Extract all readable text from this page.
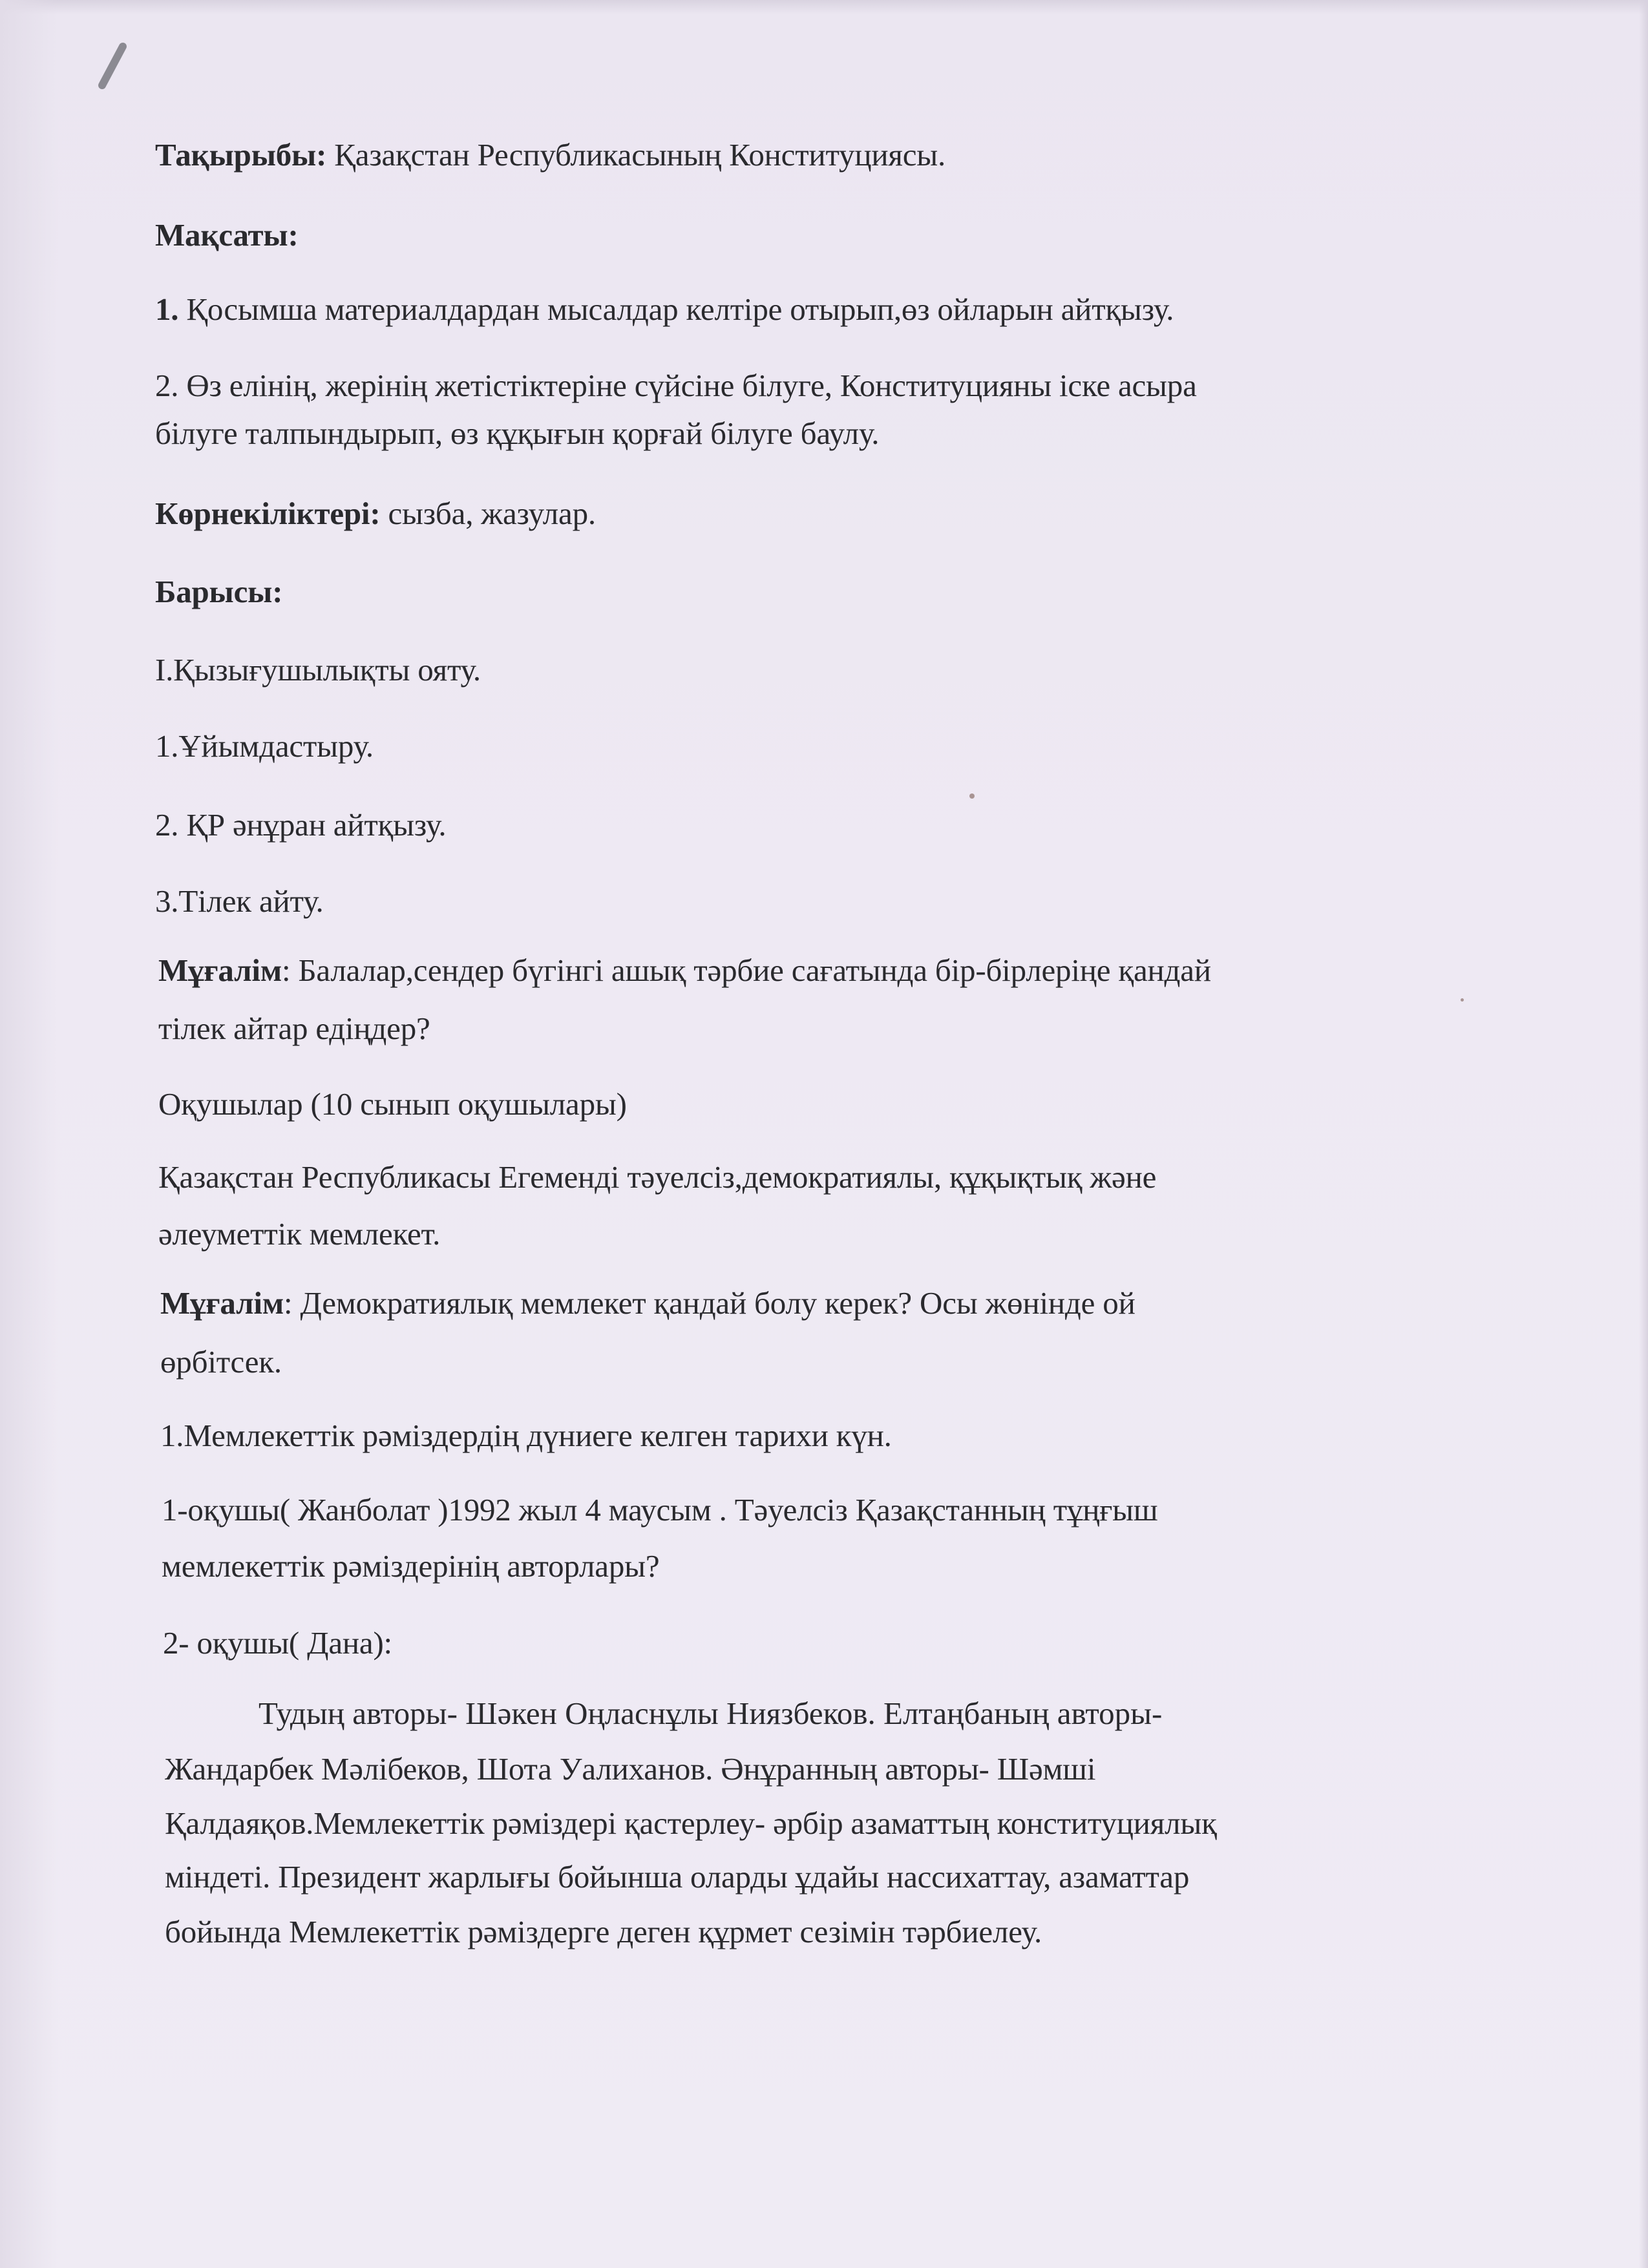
Тақырыбы: Қазақстан Республикасының Конституциясы.
Мақсаты:
1. Қосымша материалдардан мысалдар келтіре отырып,өз ойларын айтқызу.
2. Өз елінің, жерінің жетістіктеріне сүйсіне білуге, Конституцияны іске асыра
білуге талпындырып, өз құқығын қорғай білуге баулу.
Көрнекіліктері: сызба, жазулар.
Барысы:
І.Қызығушылықты ояту.
1.Ұйымдастыру.
2. ҚР әнұран айтқызу.
3.Тілек айту.
Мұғалім: Балалар,сендер бүгінгі ашық тәрбие сағатында бір-бірлеріңе қандай
тілек айтар едіңдер?
Оқушылар (10 сынып оқушылары)
Қазақстан Республикасы Егеменді тәуелсіз,демократиялы, құқықтық және
әлеуметтік мемлекет.
Мұғалім: Демократиялық мемлекет қандай болу керек? Осы жөнінде ой
өрбітсек.
1.Мемлекеттік рәміздердің дүниеге келген тарихи күн.
1-оқушы( Жанболат )1992 жыл 4 маусым . Тәуелсіз Қазақстанның тұңғыш
мемлекеттік рәміздерінің авторлары?
2- оқушы( Дана):
Тудың авторы- Шәкен Оңласнұлы Ниязбеков. Елтаңбаның авторы-
Жандарбек Мәлібеков, Шота Уалиханов. Әнұранның авторы- Шәмші
Қалдаяқов.Мемлекеттік рәміздері қастерлеу- әрбір азаматтың конституциялық
міндеті. Президент жарлығы бойынша оларды ұдайы нассихаттау, азаматтар
бойында Мемлекеттік рәміздерге деген құрмет сезімін тәрбиелеу.
